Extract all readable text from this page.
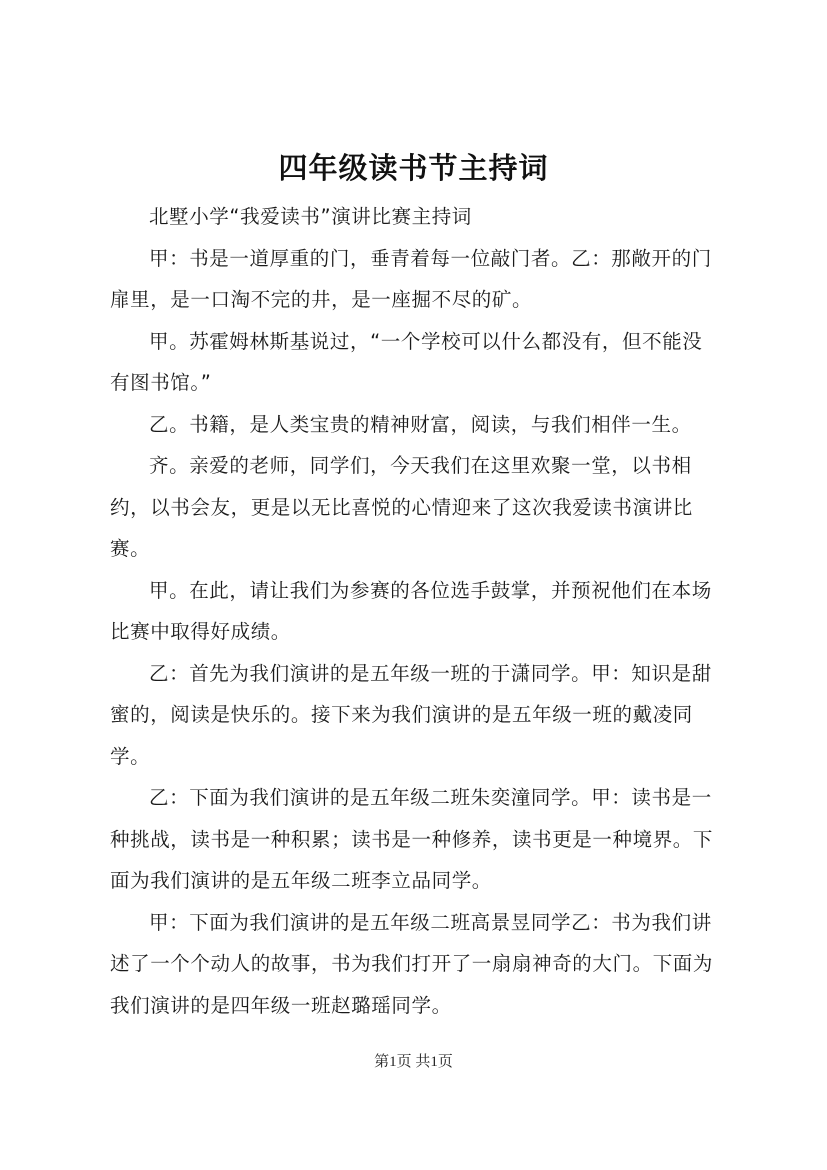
四年级读书节主持词

北墅小学“我爱读书”演讲比赛主持词

甲：书是一道厚重的门，垂青着每一位敲门者。乙：那敞开的门扉里，是一口淘不完的井，是一座掘不尽的矿。

甲。苏霍姆林斯基说过，“一个学校可以什么都没有，但不能没有图书馆。”

乙。书籍，是人类宝贵的精神财富，阅读，与我们相伴一生。

齐。亲爱的老师，同学们，今天我们在这里欢聚一堂，以书相约，以书会友，更是以无比喜悦的心情迎来了这次我爱读书演讲比赛。

甲。在此，请让我们为参赛的各位选手鼓掌，并预祝他们在本场比赛中取得好成绩。

乙：首先为我们演讲的是五年级一班的于潇同学。甲：知识是甜蜜的，阅读是快乐的。接下来为我们演讲的是五年级一班的戴凌同学。

乙：下面为我们演讲的是五年级二班朱奕潼同学。甲：读书是一种挑战，读书是一种积累；读书是一种修养，读书更是一种境界。下面为我们演讲的是五年级二班李立品同学。

甲：下面为我们演讲的是五年级二班高景昱同学乙：书为我们讲述了一个个动人的故事，书为我们打开了一扇扇神奇的大门。下面为我们演讲的是四年级一班赵璐瑶同学。

第1页 共1页
